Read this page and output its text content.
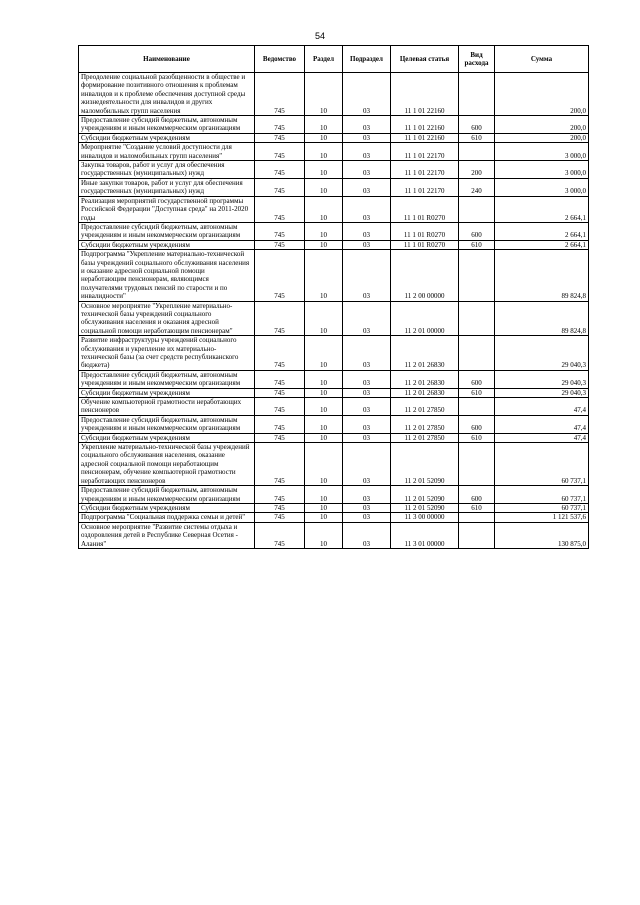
54
Наименование	Ведомство	Раздел	Подраздел	Целевая статья	Вид расхода	Сумма
Преодоление социальной разобщенности в обществе и формирование позитивного отношения к проблемам инвалидов и к проблеме обеспечения доступной среды жизнедеятельности для инвалидов и других маломобильных групп населения	745	10	03	11 1 01 22160		200,0
Предоставление субсидий бюджетным, автономным учреждениям и иным некоммерческим организациям	745	10	03	11 1 01 22160	600	200,0
Субсидии бюджетным учреждениям	745	10	03	11 1 01 22160	610	200,0
Мероприятие "Создание условий доступности для инвалидов и маломобильных групп населения"	745	10	03	11 1 01 22170		3 000,0
Закупка товаров, работ и услуг для обеспечения государственных (муниципальных) нужд	745	10	03	11 1 01 22170	200	3 000,0
Иные закупки товаров, работ и услуг для обеспечения государственных (муниципальных) нужд	745	10	03	11 1 01 22170	240	3 000,0
Реализация мероприятий государственной программы Российской Федерации "Доступная среда" на 2011-2020 годы	745	10	03	11 1 01 R0270		2 664,1
Предоставление субсидий бюджетным, автономным учреждениям и иным некоммерческим организациям	745	10	03	11 1 01 R0270	600	2 664,1
Субсидии бюджетным учреждениям	745	10	03	11 1 01 R0270	610	2 664,1
Подпрограмма "Укрепление материально-технической базы учреждений социального обслуживания населения и оказание адресной социальной помощи неработающим пенсионерам, являющимся получателями трудовых пенсий по старости и по инвалидности"	745	10	03	11 2 00 00000		89 824,8
Основное мероприятие "Укрепление материально-технической базы учреждений социального обслуживания населения и оказания адресной социальной помощи неработающим пенсионерам"	745	10	03	11 2 01 00000		89 824,8
Развитие инфраструктуры учреждений социального обслуживания и укрепление их материально-технической базы (за счет средств республиканского бюджета)	745	10	03	11 2 01 26830		29 040,3
Предоставление субсидий бюджетным, автономным учреждениям и иным некоммерческим организациям	745	10	03	11 2 01 26830	600	29 040,3
Субсидии бюджетным учреждениям	745	10	03	11 2 01 26830	610	29 040,3
Обучение компьютерной грамотности неработающих пенсионеров	745	10	03	11 2 01 27850		47,4
Предоставление субсидий бюджетным, автономным учреждениям и иным некоммерческим организациям	745	10	03	11 2 01 27850	600	47,4
Субсидии бюджетным учреждениям	745	10	03	11 2 01 27850	610	47,4
Укрепление материально-технической базы учреждений социального обслуживания населения, оказание адресной социальной помощи неработающим пенсионерам, обучение компьютерной грамотности неработающих пенсионеров	745	10	03	11 2 01 52090		60 737,1
Предоставление субсидий бюджетным, автономным учреждениям и иным некоммерческим организациям	745	10	03	11 2 01 52090	600	60 737,1
Субсидии бюджетным учреждениям	745	10	03	11 2 01 52090	610	60 737,1
Подпрограмма "Социальная поддержка семьи и детей"	745	10	03	11 3 00 00000		1 121 537,6
Основное мероприятие "Развитие системы отдыха и оздоровления детей в Республике Северная Осетия - Алания"	745	10	03	11 3 01 00000		130 875,0
